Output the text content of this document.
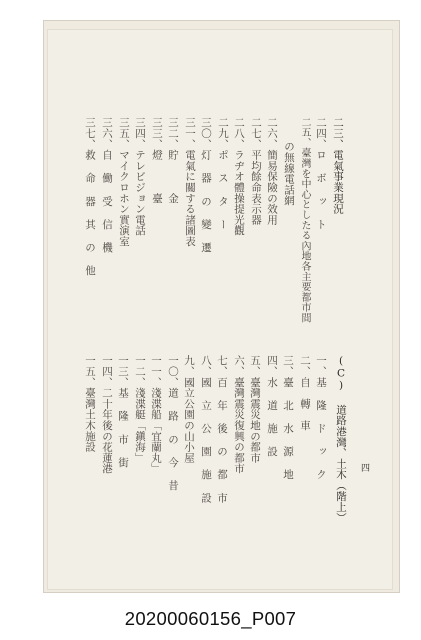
四
二三、電氣事業現況
二四、ロ ボ ッ ト
二五、臺灣を中心としたる內地各主要都市間
の無線電話網
二六、簡易保險の效用
二七、平均餘命表示器
二八、ラヂオ體操提光觀
二九、ポ ス タ ー
三〇、灯 器 の 變 遷
三一、電氣に關する諸圖表
三二、貯　　　金
三三、燈　　　臺
三四、テレビジョン電話
三五、マイクロホン實演室
三六、自 働 受 信 機
三七、救 命 器 其 の 他
(C) 道路港灣、土木（階上）
一、基 隆 ド ッ ク
二、自　轉　車
三、臺 北 水 源 地
四、水 道 施 設
五、臺灣震災地の都市
六、臺灣震災復興の都市
七、百 年 後 の 都 市
八、國 立 公 園 施 設
九、國立公園の山小屋
一〇、道 路 の 今 昔
一一、淺渫船「宜蘭丸」
一二、淺渫艇「鎭海」
一三、基 隆 市 街
一四、二十年後の花蓮港
一五、臺灣土木施設
20200060156_P007
